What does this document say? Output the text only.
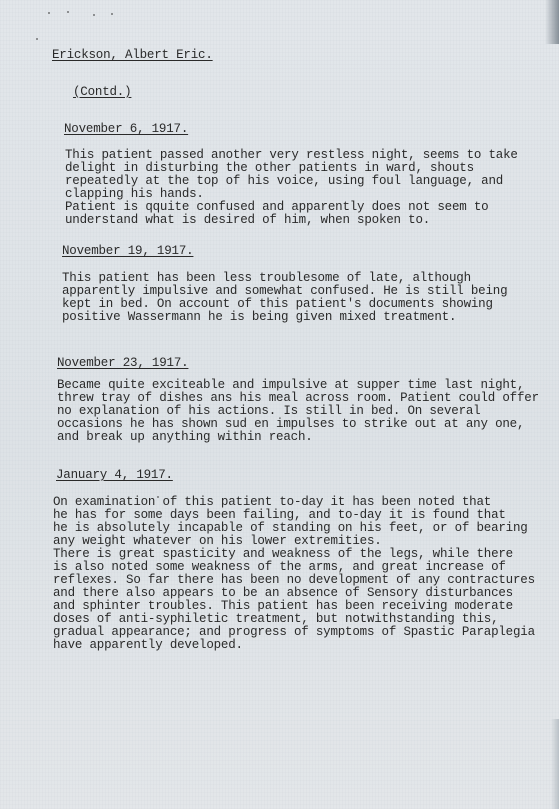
Erickson, Albert Eric.
(Contd.)
November 6, 1917.
This patient passed another very restless night, seems to take
delight in disturbing the other patients in ward, shouts
repeatedly at the top of his voice, using foul language, and
clapping his hands.
Patient is qquite confused and apparently does not seem to
understand what is desired of him, when spoken to.
November 19, 1917.
This patient has been less troublesome of late, although
apparently impulsive and somewhat confused. He is still being
kept in bed. On account of this patient's documents showing
positive Wassermann he is being given mixed treatment.
November 23, 1917.
Became quite exciteable and impulsive at supper time last night,
threw tray of dishes ans his meal across room. Patient could offer
no explanation of his actions. Is still in bed. On several
occasions he has shown sud en impulses to strike out at any one,
and break up anything within reach.
January 4, 1917.
On examination of this patient to-day it has been noted that
he has for some days been failing, and to-day it is found that
he is absolutely incapable of standing on his feet, or of bearing
any weight whatever on his lower extremities.
There is great spasticity and weakness of the legs, while there
is also noted some weakness of the arms, and great increase of
reflexes. So far there has been no development of any contractures
and there also appears to be an absence of Sensory disturbances
and sphinter troubles. This patient has been receiving moderate
doses of anti-syphiletic treatment, but notwithstanding this,
gradual appearance; and progress of symptoms of Spastic Paraplegia
have apparently developed.
